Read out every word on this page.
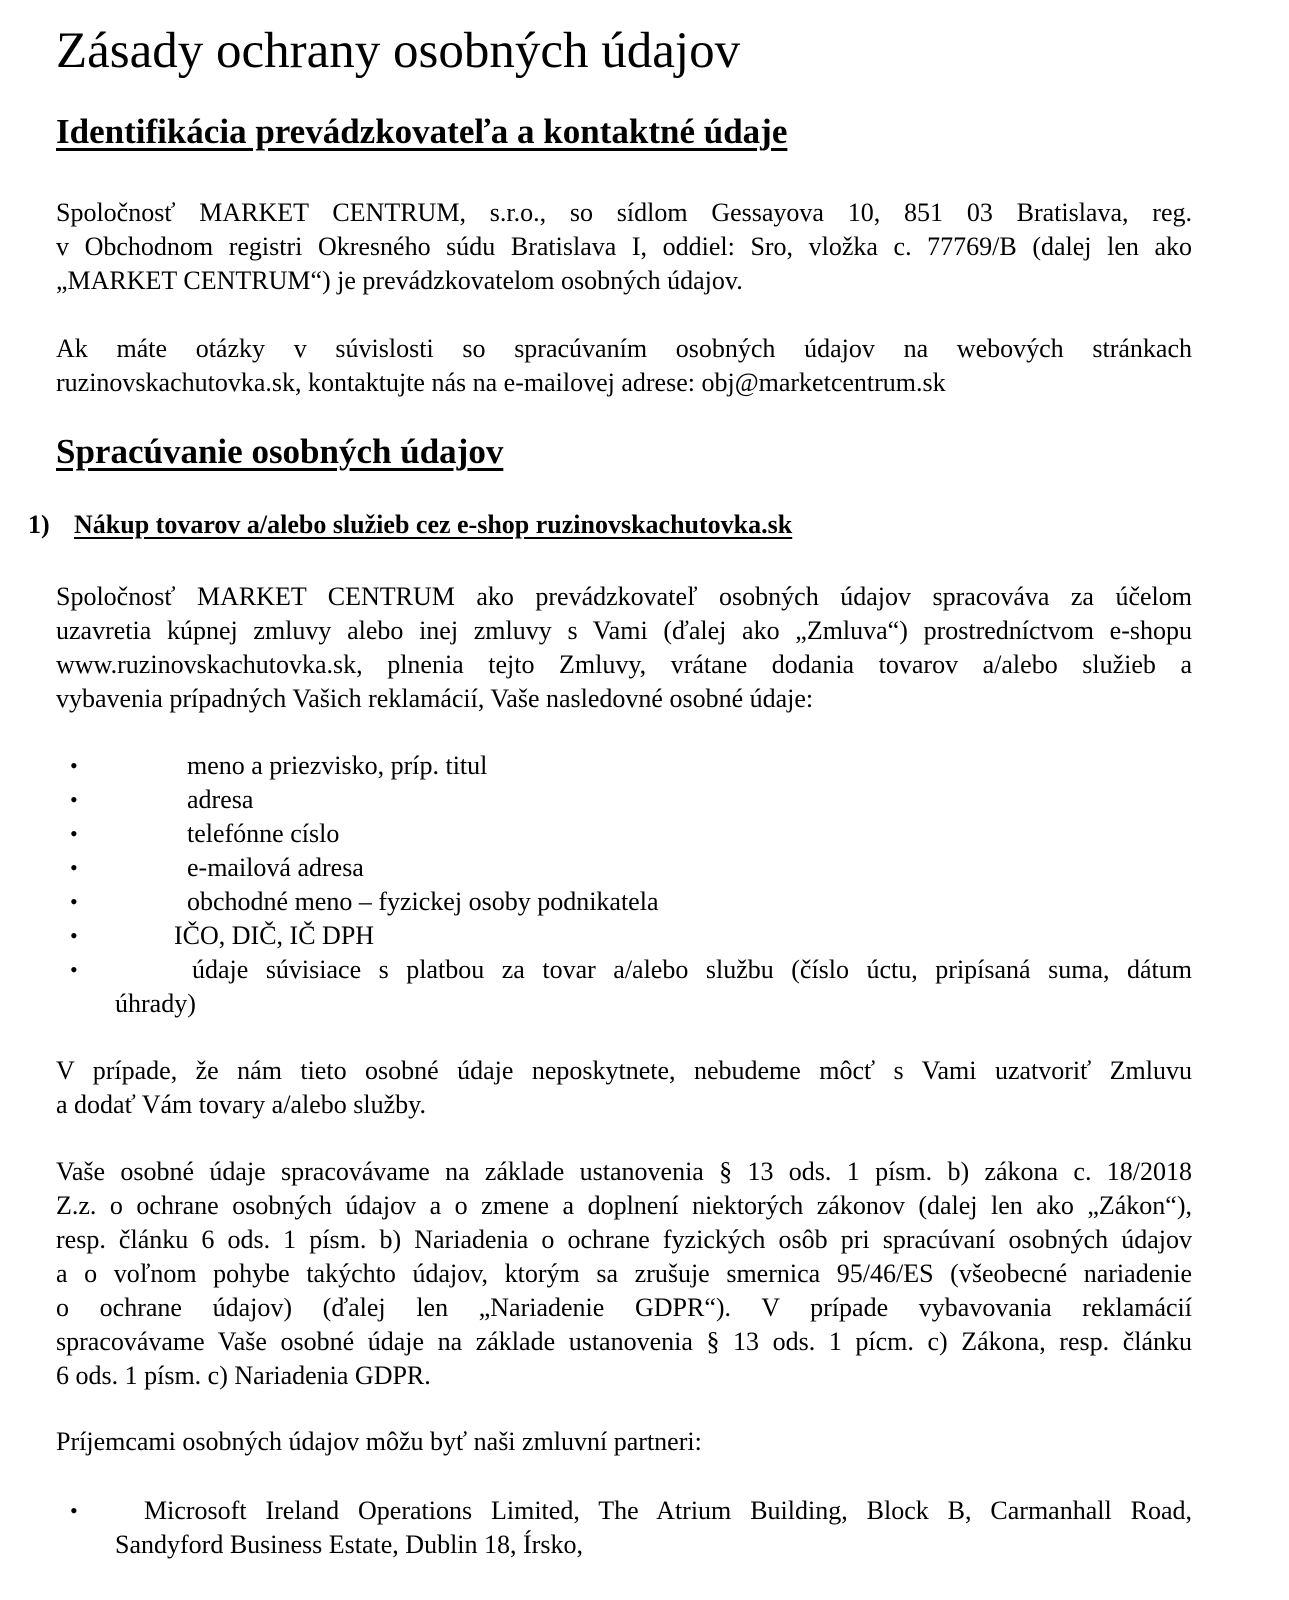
Zásady ochrany osobných údajov
Identifikácia prevádzkovateľa a kontaktné údaje

Spoločnosť MARKET CENTRUM, s.r.o., so sídlom Gessayova 10, 851 03 Bratislava, reg.
v Obchodnom registri Okresného súdu Bratislava I, oddiel: Sro, vložka c. 77769/B (dalej len ako
„MARKET CENTRUM“) je prevádzkovatelom osobných údajov.

Ak máte otázky v súvislosti so spracúvaním osobných údajov na webových stránkach
ruzinovskachutovka.sk, kontaktujte nás na e-mailovej adrese: obj@marketcentrum.sk

Spracúvanie osobných údajov

1) Nákup tovarov a/alebo služieb cez e-shop ruzinovskachutovka.sk

Spoločnosť MARKET CENTRUM ako prevádzkovateľ osobných údajov spracováva za účelom
uzavretia kúpnej zmluvy alebo inej zmluvy s Vami (ďalej ako „Zmluva“) prostredníctvom e-shopu
www.ruzinovskachutovka.sk, plnenia tejto Zmluvy, vrátane dodania tovarov a/alebo služieb a
vybavenia prípadných Vašich reklamácií, Vaše nasledovné osobné údaje:

•	meno a priezvisko, príp. titul
•	adresa
•	telefónne císlo
•	e-mailová adresa
•	obchodné meno – fyzickej osoby podnikatela
•	IČO, DIČ, IČ DPH
•	údaje súvisiace s platbou za tovar a/alebo službu (číslo úctu, pripísaná suma, dátum
úhrady)

V prípade, že nám tieto osobné údaje neposkytnete, nebudeme môcť s Vami uzatvoriť Zmluvu
a dodať Vám tovary a/alebo služby.

Vaše osobné údaje spracovávame na základe ustanovenia § 13 ods. 1 písm. b) zákona c. 18/2018
Z.z. o ochrane osobných údajov a o zmene a doplnení niektorých zákonov (dalej len ako „Zákon“),
resp. článku 6 ods. 1 písm. b) Nariadenia o ochrane fyzických osôb pri spracúvaní osobných údajov
a o voľnom pohybe takýchto údajov, ktorým sa zrušuje smernica 95/46/ES (všeobecné nariadenie
o ochrane údajov) (ďalej len „Nariadenie GDPR“). V prípade vybavovania reklamácií
spracovávame Vaše osobné údaje na základe ustanovenia § 13 ods. 1 pícm. c) Zákona, resp. článku
6 ods. 1 písm. c) Nariadenia GDPR.

Príjemcami osobných údajov môžu byť naši zmluvní partneri:

•	Microsoft Ireland Operations Limited, The Atrium Building, Block B, Carmanhall Road,
Sandyford Business Estate, Dublin 18, Írsko,
